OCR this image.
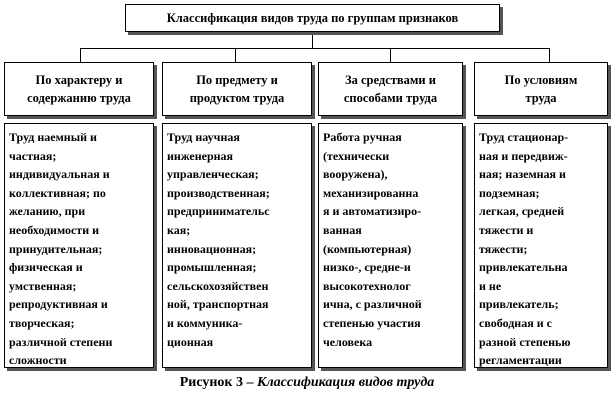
Классификация видов труда по группам признаков
По характеру и
содержанию труда
По предмету и
продуктом труда
За средствами и
способами труда
По условиям
труда
Труд наемный и
частная;
индивидуальная и
коллективная; по
желанию, при
необходимости и
принудительная;
физическая и
умственная;
репродуктивная и
творческая;
различной степени
сложности
Труд научная
инженерная
управленческая;
производственная;
предпринимательс
кая;
инновационная;
промышленная;
сельскохозяйствен
ной, транспортная
и коммуника-
ционная
Работа ручная
(технически
вооружена),
механизированна
я и автоматизиро-
ванная
(компьютерная)
низко-, средне-и
высокотехнолог
ична, с различной
степенью участия
человека
Труд стационар-
ная и передвиж-
ная; наземная и
подземная;
легкая, средней
тяжести и
тяжести;
привлекательна
и не
привлекатель;
свободная и с
разной степенью
регламентации
Рисунок 3 – Классификация видов труда
